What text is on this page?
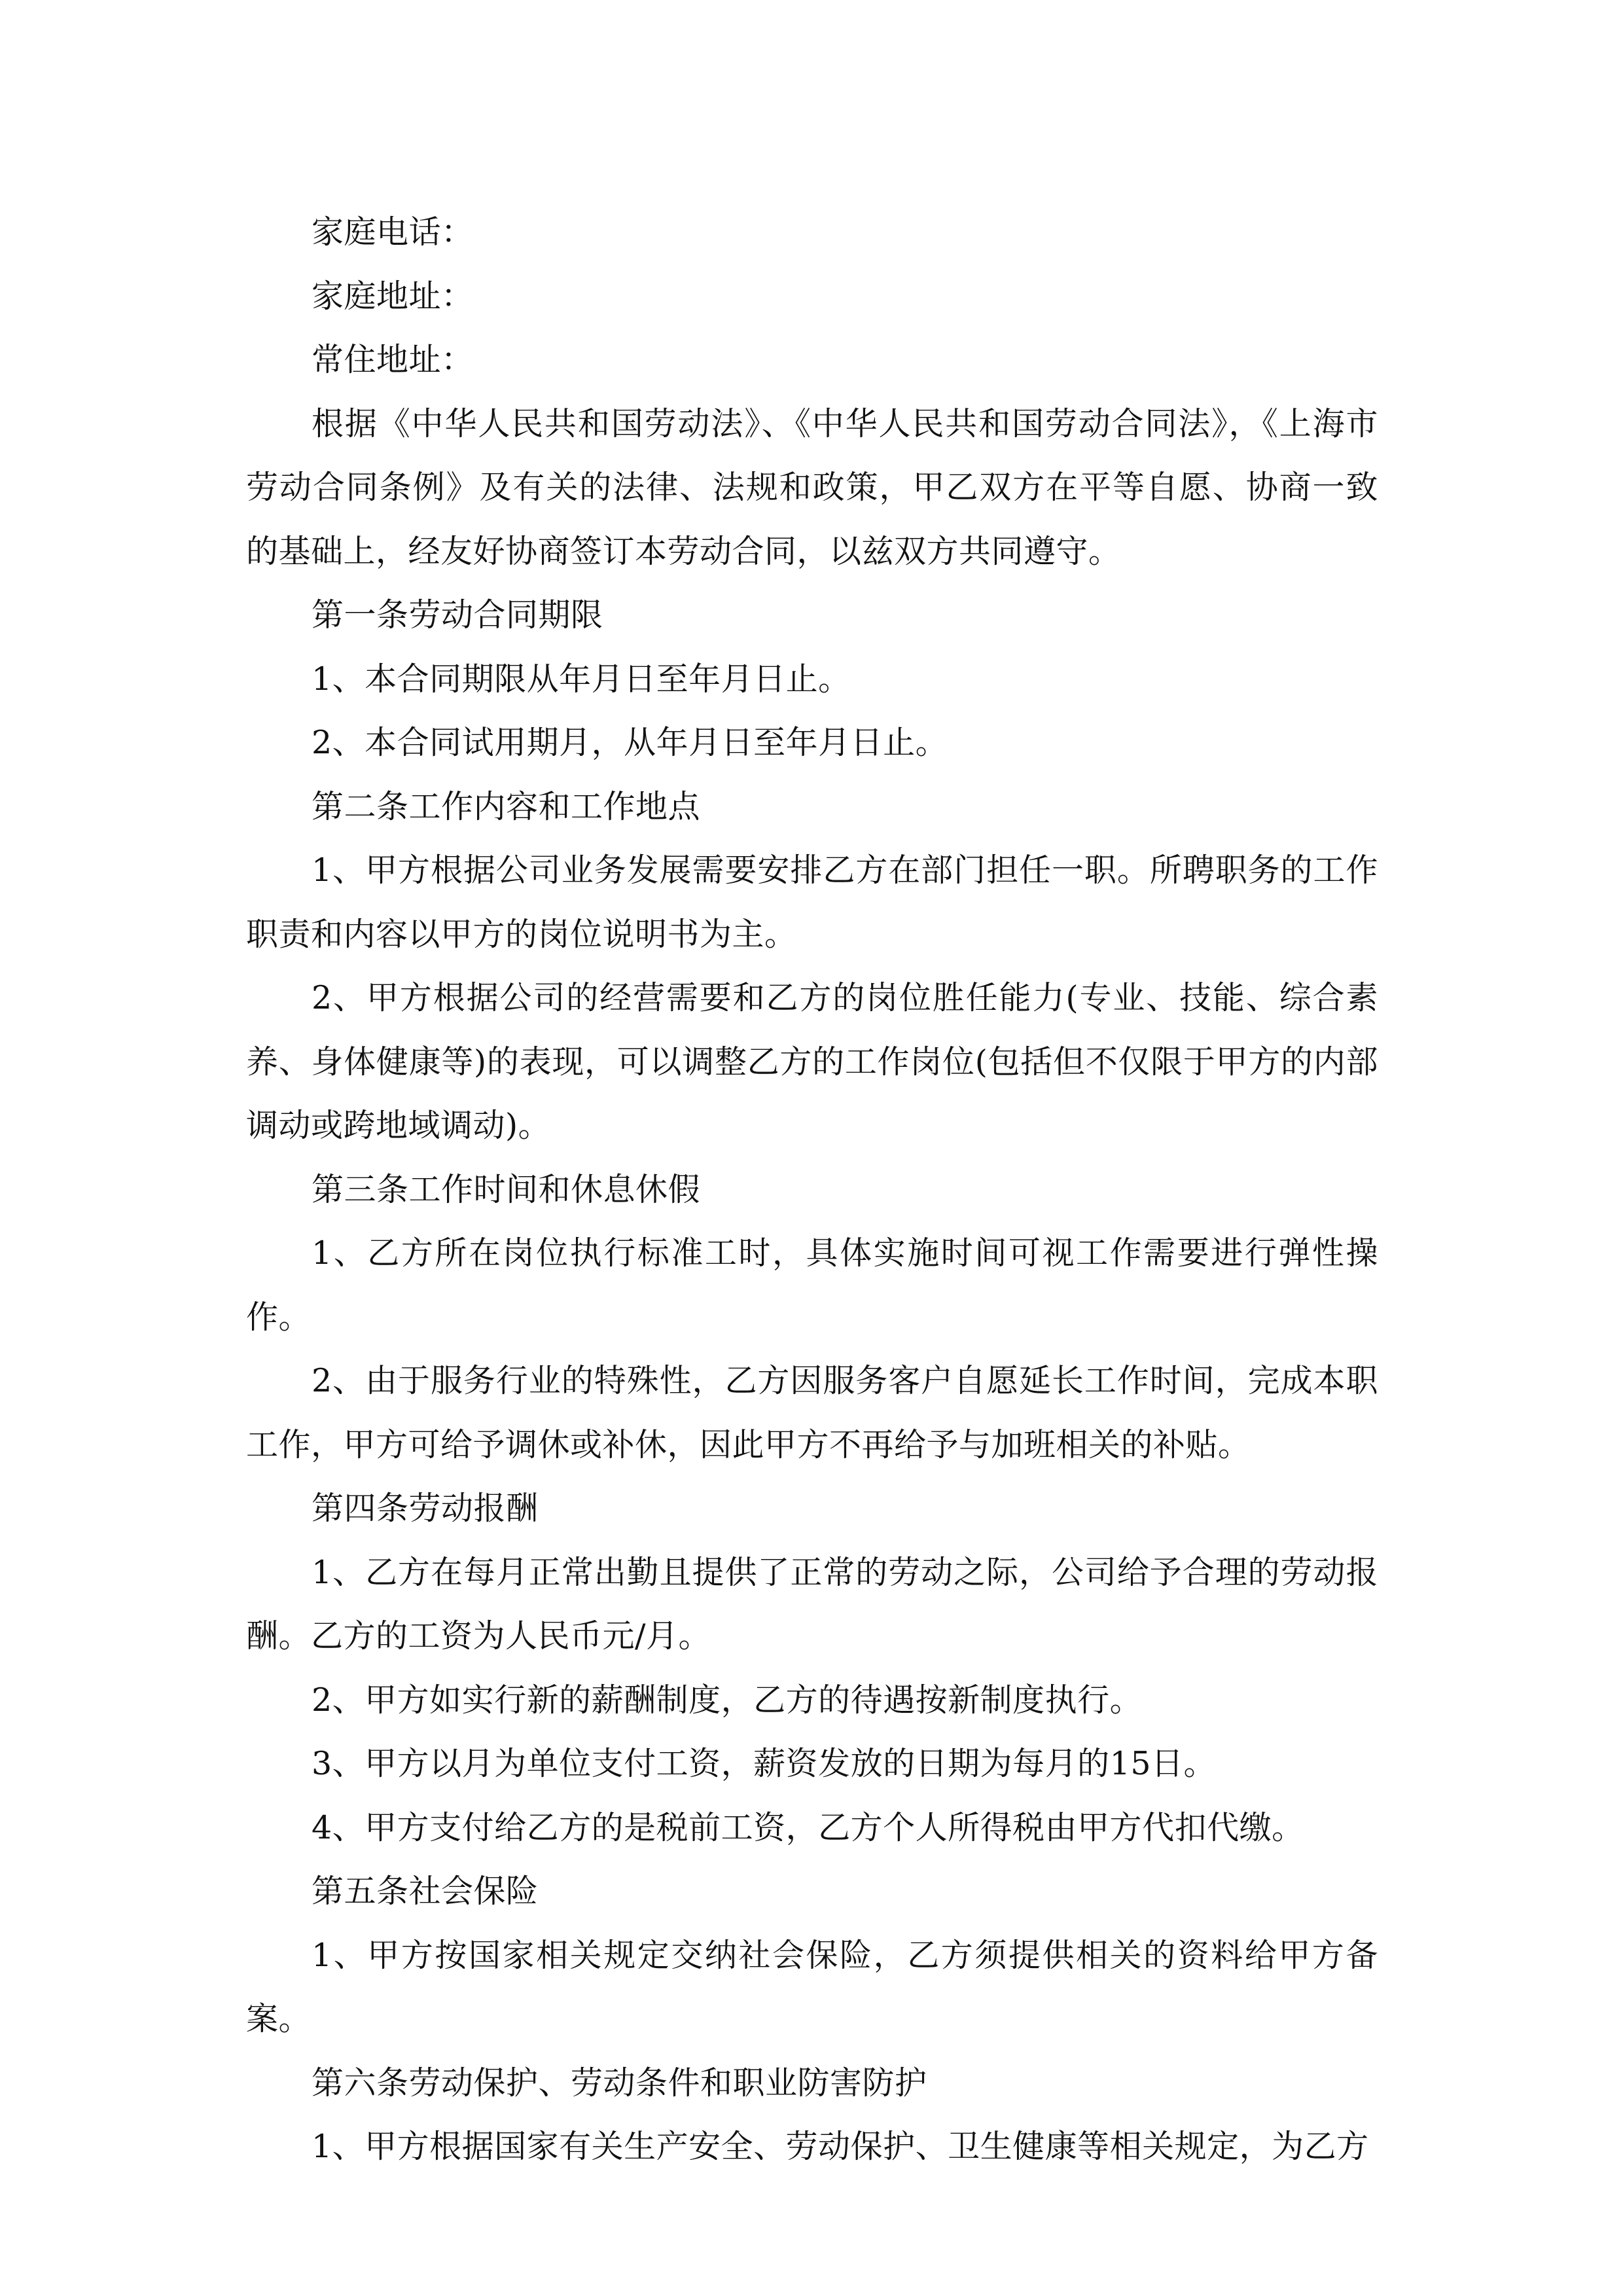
家庭电话：

家庭地址：

常住地址：

根据《中华人民共和国劳动法》、《中华人民共和国劳动合同法》，《上海市劳动合同条例》及有关的法律、法规和政策，甲乙双方在平等自愿、协商一致的基础上，经友好协商签订本劳动合同，以兹双方共同遵守。

第一条劳动合同期限

1、本合同期限从年月日至年月日止。

2、本合同试用期月，从年月日至年月日止。

第二条工作内容和工作地点

1、甲方根据公司业务发展需要安排乙方在部门担任一职。所聘职务的工作职责和内容以甲方的岗位说明书为主。

2、甲方根据公司的经营需要和乙方的岗位胜任能力(专业、技能、综合素养、身体健康等)的表现，可以调整乙方的工作岗位(包括但不仅限于甲方的内部调动或跨地域调动)。

第三条工作时间和休息休假

1、乙方所在岗位执行标准工时，具体实施时间可视工作需要进行弹性操作。

2、由于服务行业的特殊性，乙方因服务客户自愿延长工作时间，完成本职工作，甲方可给予调休或补休，因此甲方不再给予与加班相关的补贴。

第四条劳动报酬

1、乙方在每月正常出勤且提供了正常的劳动之际，公司给予合理的劳动报酬。乙方的工资为人民币元/月。

2、甲方如实行新的薪酬制度，乙方的待遇按新制度执行。

3、甲方以月为单位支付工资，薪资发放的日期为每月的15日。

4、甲方支付给乙方的是税前工资，乙方个人所得税由甲方代扣代缴。

第五条社会保险

1、甲方按国家相关规定交纳社会保险，乙方须提供相关的资料给甲方备案。

第六条劳动保护、劳动条件和职业防害防护

1、甲方根据国家有关生产安全、劳动保护、卫生健康等相关规定，为乙方
